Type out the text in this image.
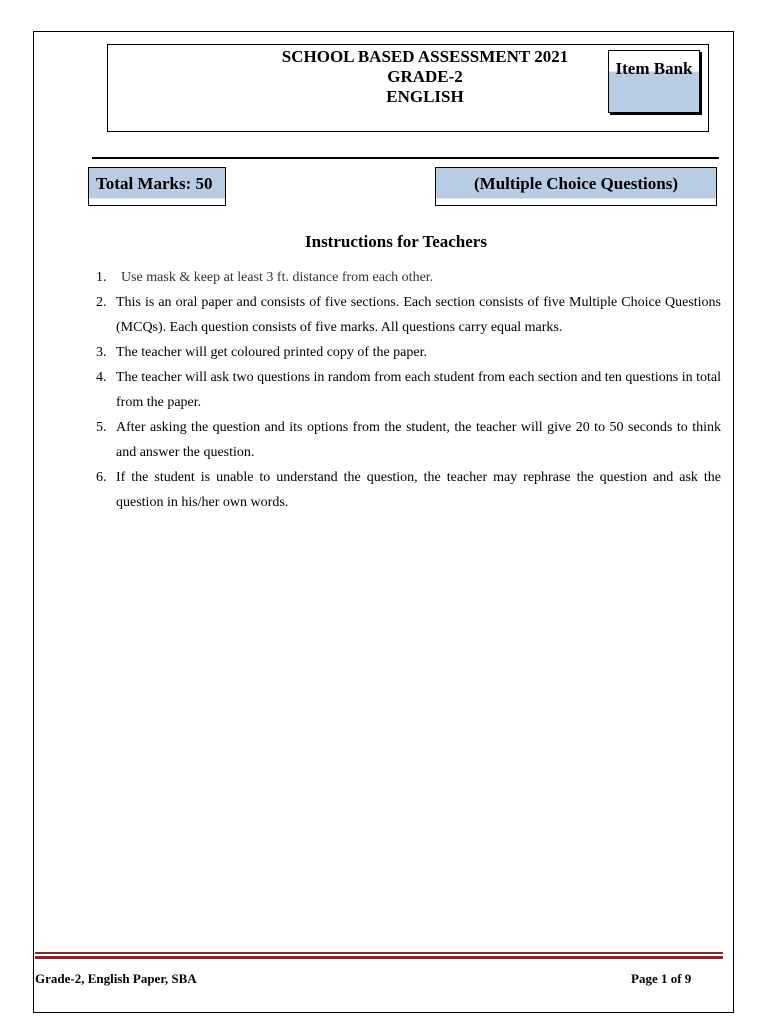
SCHOOL BASED ASSESSMENT 2021
GRADE-2
ENGLISH
Item Bank
Total Marks: 50	(Multiple Choice Questions)
Instructions for Teachers
1.	Use mask & keep at least 3 ft. distance from each other.
2. This is an oral paper and consists of five sections. Each section consists of five Multiple Choice Questions (MCQs). Each question consists of five marks. All questions carry equal marks.
3. The teacher will get coloured printed copy of the paper.
4. The teacher will ask two questions in random from each student from each section and ten questions in total from the paper.
5. After asking the question and its options from the student, the teacher will give 20 to 50 seconds to think and answer the question.
6. If the student is unable to understand the question, the teacher may rephrase the question and ask the question in his/her own words.
Grade-2, English Paper, SBA	Page 1 of 9
